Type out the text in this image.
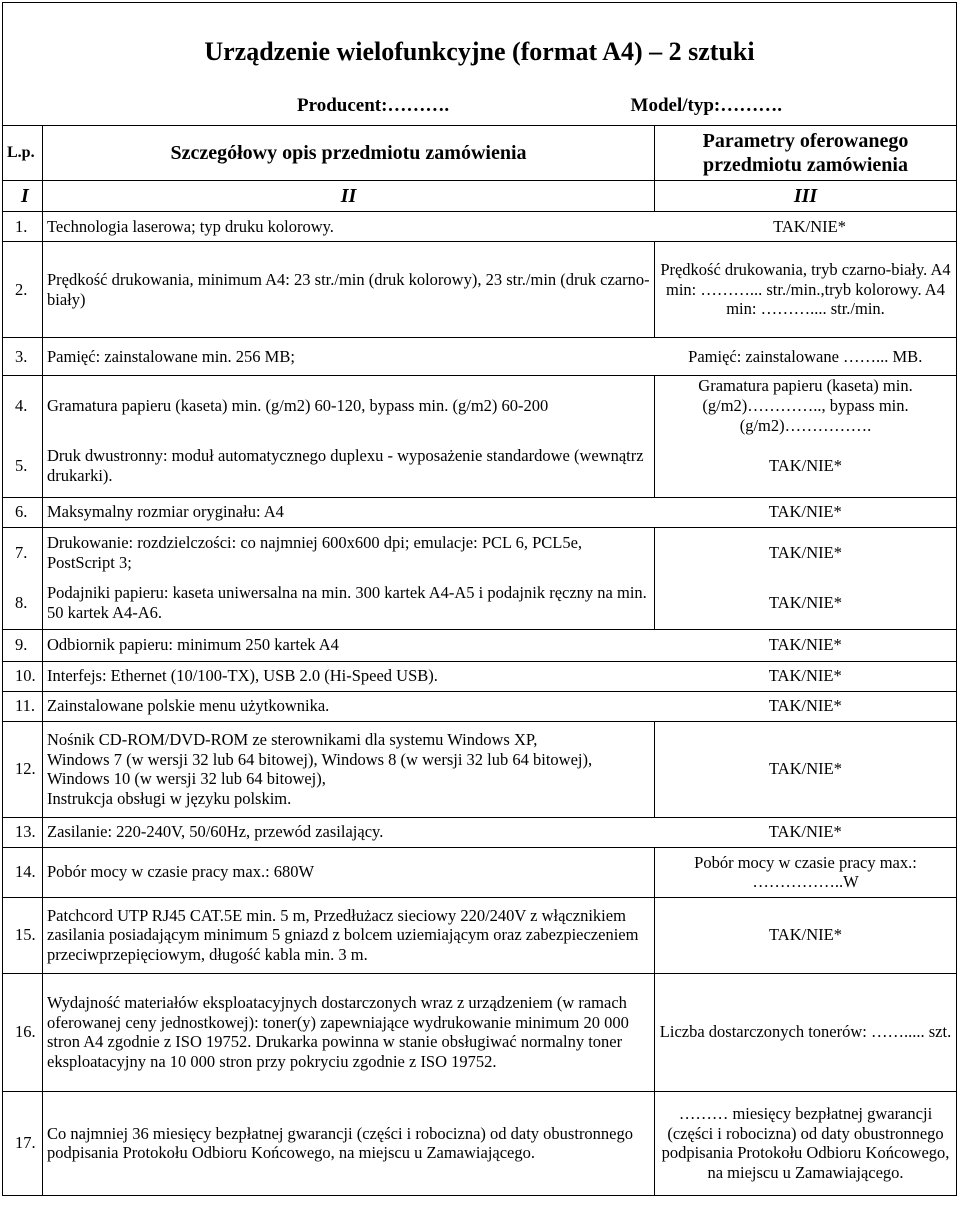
Urządzenie wielofunkcyjne (format A4) – 2 sztuki		

Producent:………. Model/typ:……….		

L.p.	Szczegółowy opis przedmiotu zamówienia	Parametry oferowanego przedmiotu zamówienia
I	II	III
1.	Technologia laserowa; typ druku kolorowy.	TAK/NIE*
2.	Prędkość drukowania, minimum A4: 23 str./min (druk kolorowy), 23 str./min (druk czarno-biały)	Prędkość drukowania, tryb czarno-biały. A4 min: ………... str./min.,tryb kolorowy. A4 min: ……….... str./min.
3.	Pamięć: zainstalowane min. 256 MB;	Pamięć: zainstalowane ……... MB.
4.	Gramatura papieru (kaseta) min. (g/m2) 60-120, bypass min. (g/m2) 60-200	Gramatura papieru (kaseta) min. (g/m2)………….., bypass min. (g/m2)…………….
5.	Druk dwustronny: moduł automatycznego duplexu - wyposażenie standardowe (wewnątrz drukarki).	TAK/NIE*
6.	Maksymalny rozmiar oryginału: A4	TAK/NIE*
7.	Drukowanie: rozdzielczości: co najmniej 600x600 dpi; emulacje: PCL 6, PCL5e, PostScript 3;	TAK/NIE*
8.	Podajniki papieru: kaseta uniwersalna na min. 300 kartek A4-A5 i podajnik ręczny na min. 50 kartek A4-A6.	TAK/NIE*
9.	Odbiornik papieru: minimum 250 kartek A4	TAK/NIE*
10.	Interfejs: Ethernet (10/100-TX), USB 2.0 (Hi-Speed USB).	TAK/NIE*
11.	Zainstalowane polskie menu użytkownika.	TAK/NIE*
12.	Nośnik CD-ROM/DVD-ROM ze sterownikami dla systemu Windows XP,
Windows 7 (w wersji 32 lub 64 bitowej), Windows 8 (w wersji 32 lub 64 bitowej),
Windows 10 (w wersji 32 lub 64 bitowej),
Instrukcja obsługi w języku polskim.	TAK/NIE*
13.	Zasilanie: 220-240V, 50/60Hz, przewód zasilający.	TAK/NIE*
14.	Pobór mocy w czasie pracy max.: 680W	Pobór mocy w czasie pracy max.: ……………..W
15.	Patchcord UTP RJ45 CAT.5E min. 5 m, Przedłużacz sieciowy 220/240V z włącznikiem zasilania posiadającym minimum 5 gniazd z bolcem uziemiającym oraz zabezpieczeniem przeciwprzepięciowym, długość kabla min. 3 m.	TAK/NIE*
16.	Wydajność materiałów eksploatacyjnych dostarczonych wraz z urządzeniem (w ramach oferowanej ceny jednostkowej): toner(y) zapewniające wydrukowanie minimum 20 000 stron A4 zgodnie z ISO 19752. Drukarka powinna w stanie obsługiwać normalny toner eksploatacyjny na 10 000 stron przy pokryciu zgodnie z ISO 19752.	Liczba dostarczonych tonerów: ……..... szt.
17.	Co najmniej 36 miesięcy bezpłatnej gwarancji (części i robocizna) od daty obustronnego podpisania Protokołu Odbioru Końcowego, na miejscu u Zamawiającego.	……… miesięcy bezpłatnej gwarancji (części i robocizna) od daty obustronnego podpisania Protokołu Odbioru Końcowego, na miejscu u Zamawiającego.
